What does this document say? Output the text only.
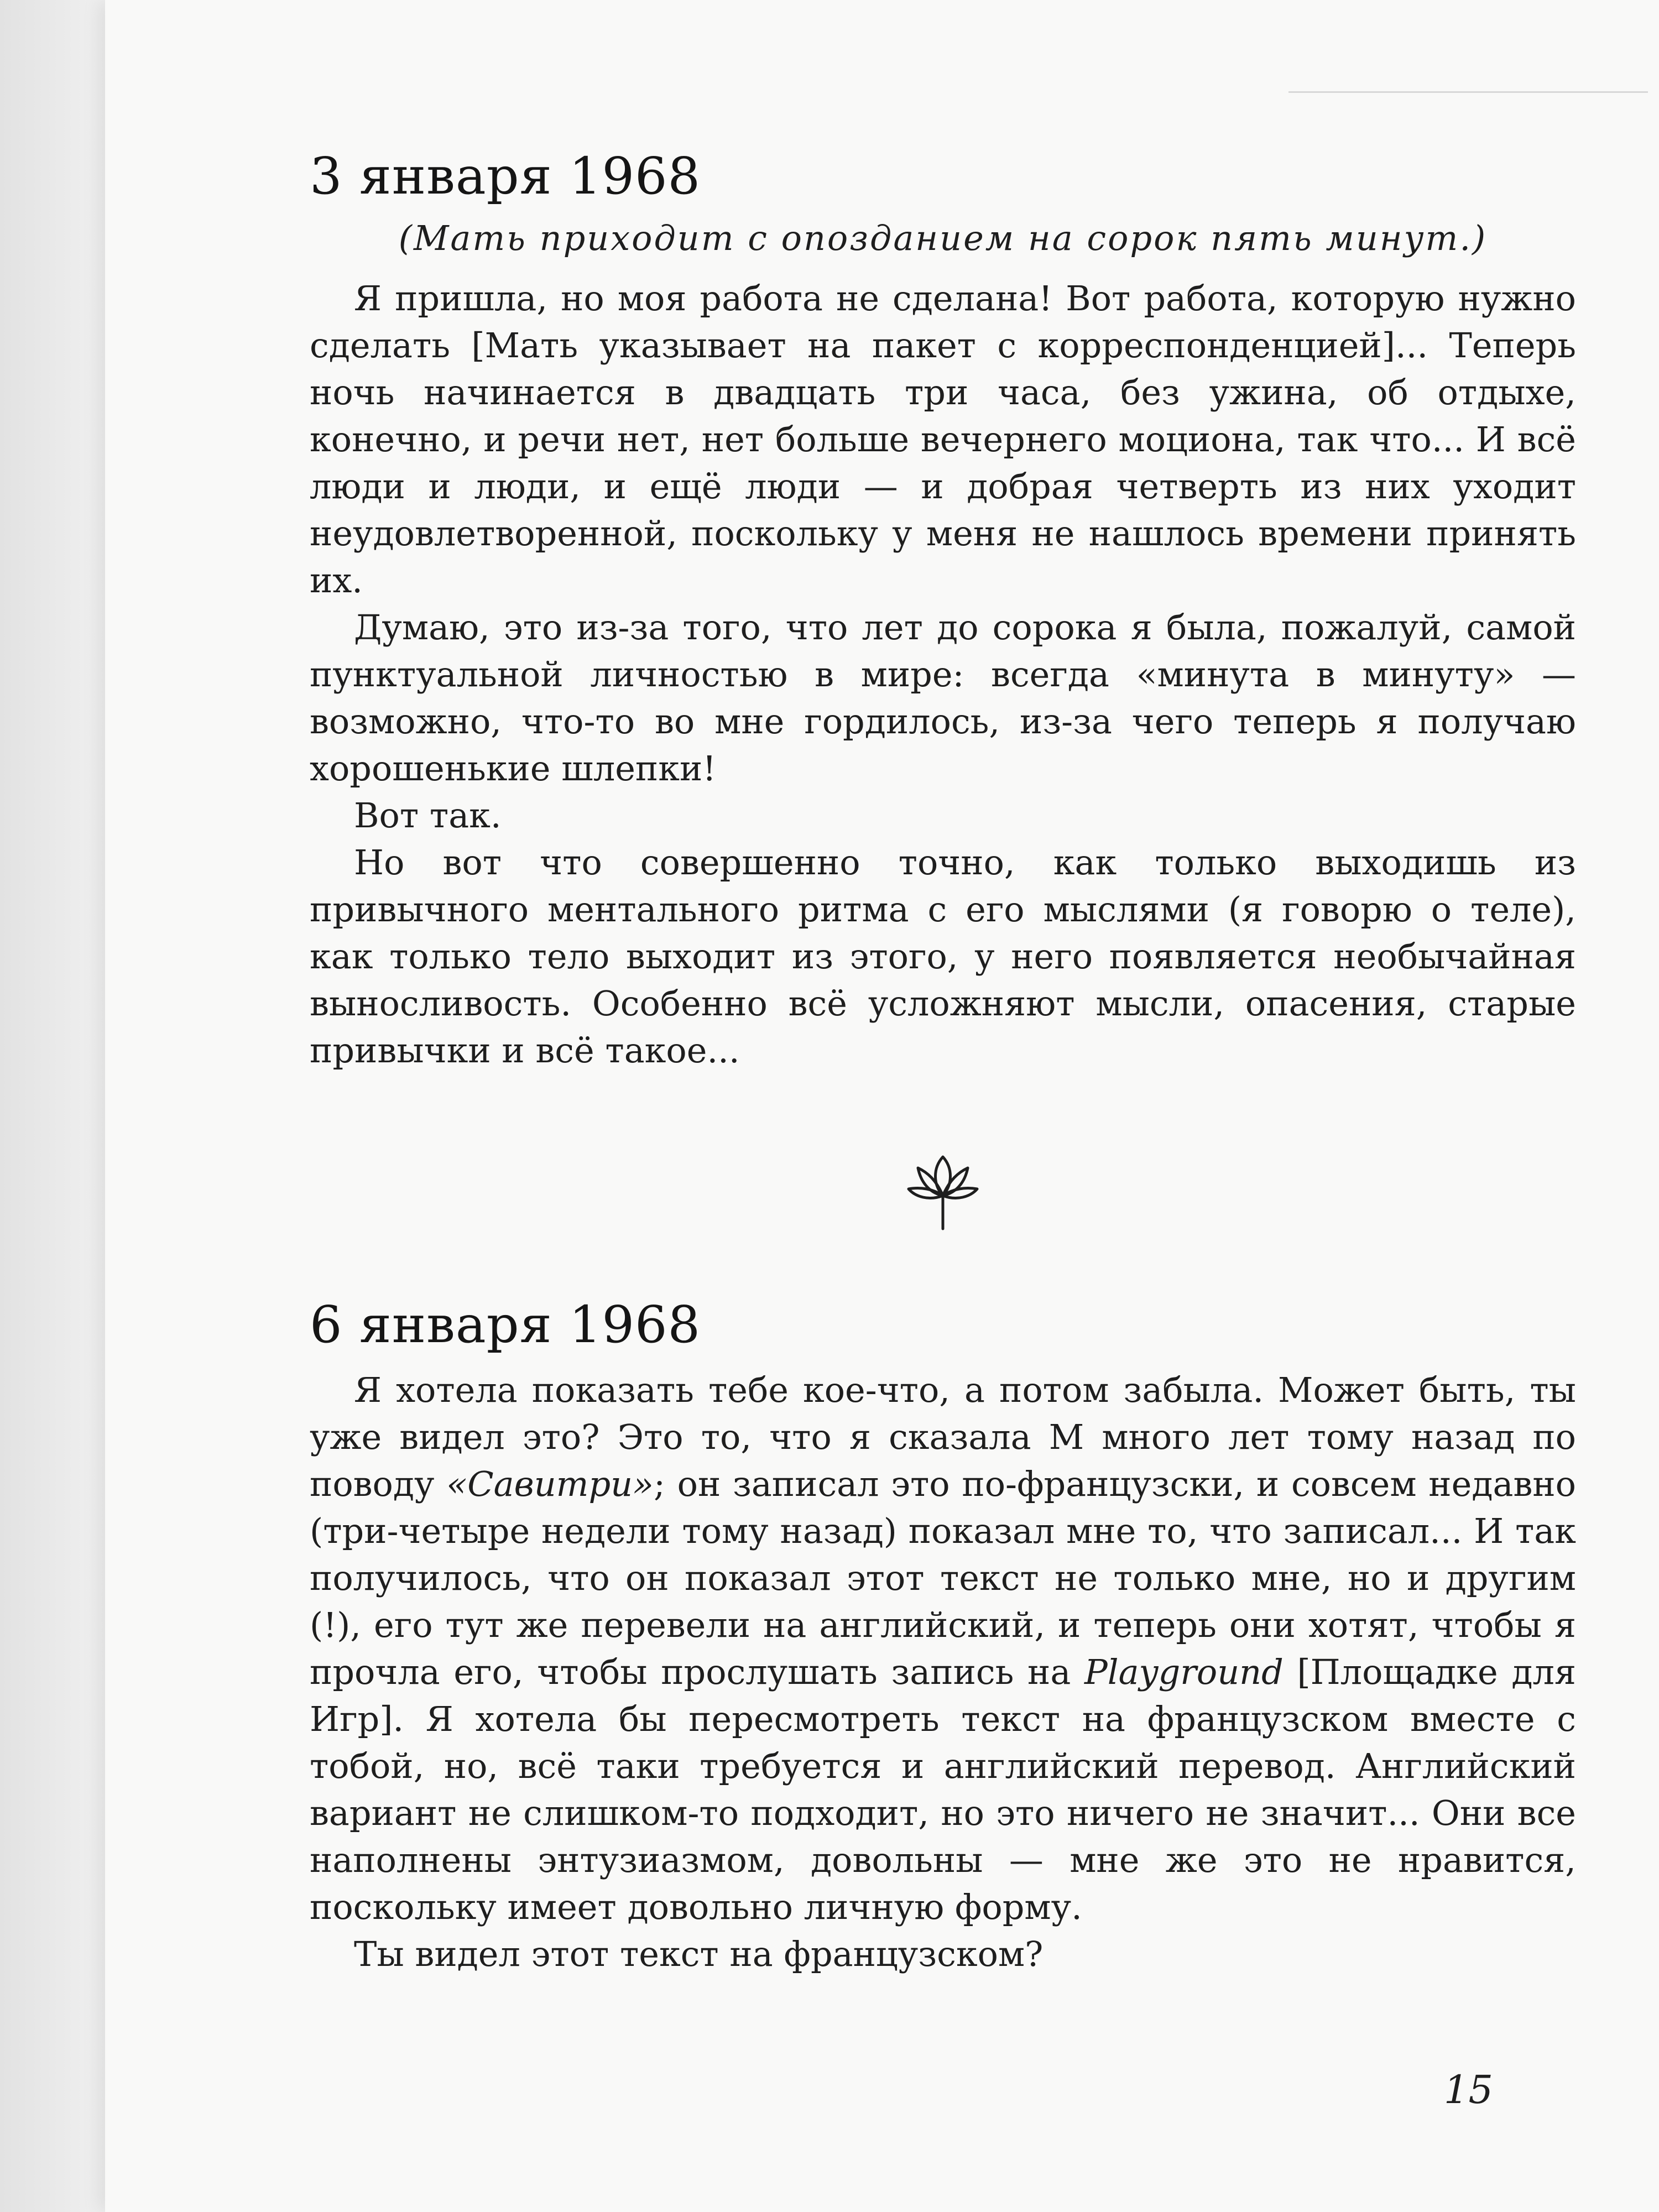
3 января 1968
(Мать приходит с опозданием на сорок пять минут.)

Я пришла, но моя работа не сделана! Вот работа, которую нужно сделать [Мать указывает на пакет с корреспонденцией]... Теперь ночь начинается в двадцать три часа, без ужина, об отдыхе, конечно, и речи нет, нет больше вечернего моциона, так что... И всё люди и люди, и ещё люди — и добрая четверть из них уходит неудовлетворенной, поскольку у меня не нашлось времени принять их.

Думаю, это из-за того, что лет до сорока я была, пожалуй, самой пунктуальной личностью в мире: всегда «минута в минуту» — возможно, что-то во мне гордилось, из-за чего теперь я получаю хорошенькие шлепки!

Вот так.

Но вот что совершенно точно, как только выходишь из привычного ментального ритма с его мыслями (я говорю о теле), как только тело выходит из этого, у него появляется необычайная выносливость. Особенно всё усложняют мысли, опасения, старые привычки и всё такое...

6 января 1968

Я хотела показать тебе кое-что, а потом забыла. Может быть, ты уже видел это? Это то, что я сказала М много лет тому назад по поводу «Савитри»; он записал это по-французски, и совсем недавно (три-четыре недели тому назад) показал мне то, что записал... И так получилось, что он показал этот текст не только мне, но и другим (!), его тут же перевели на английский, и теперь они хотят, чтобы я прочла его, чтобы прослушать запись на Playground [Площадке для Игр]. Я хотела бы пересмотреть текст на французском вместе с тобой, но, всё таки требуется и английский перевод. Английский вариант не слишком-то подходит, но это ничего не значит... Они все наполнены энтузиазмом, довольны — мне же это не нравится, поскольку имеет довольно личную форму.

Ты видел этот текст на французском?

15
